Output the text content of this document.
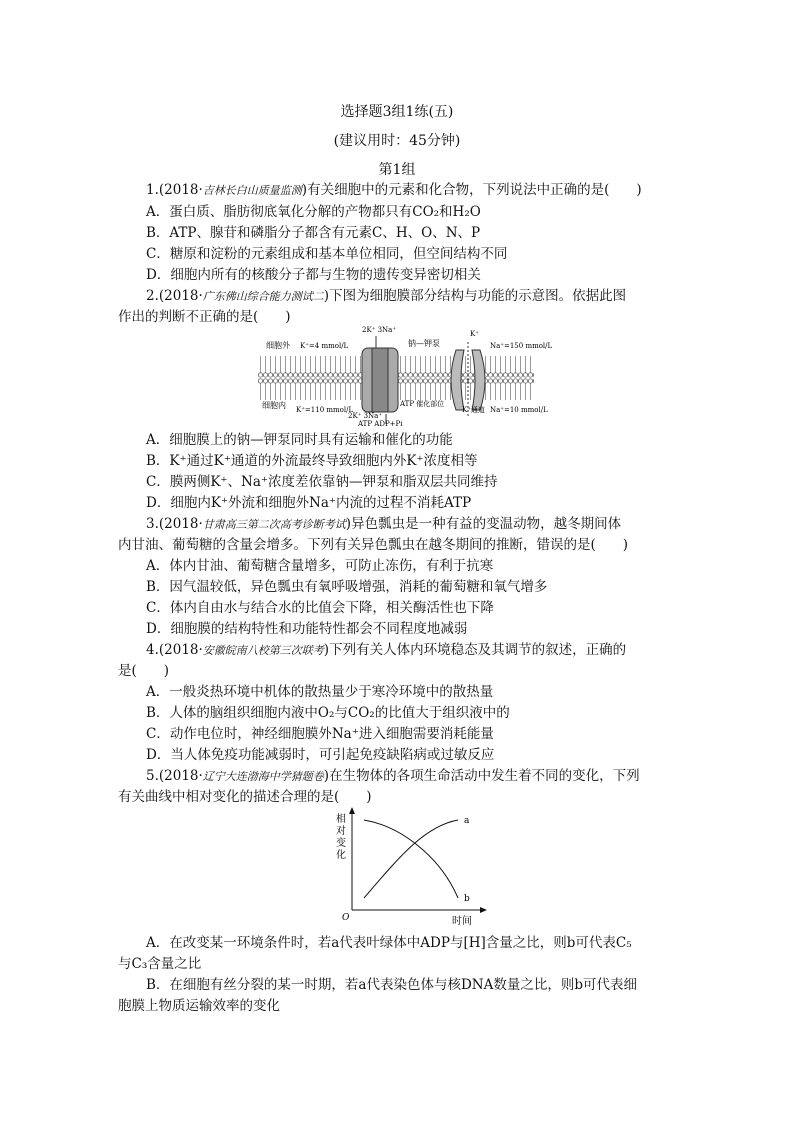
选择题3组1练(五)
(建议用时：45分钟)
第1组
1.(2018·吉林长白山质量监测)有关细胞中的元素和化合物，下列说法中正确的是(　　)
A．蛋白质、脂肪彻底氧化分解的产物都只有CO₂和H₂O
B．ATP、腺苷和磷脂分子都含有元素C、H、O、N、P
C．糖原和淀粉的元素组成和基本单位相同，但空间结构不同
D．细胞内所有的核酸分子都与生物的遗传变异密切相关
2.(2018·广东佛山综合能力测试二)下图为细胞膜部分结构与功能的示意图。依据此图
作出的判断不正确的是(　　)
细胞外 K⁺=4 mmol/L
2K⁺ 3Na⁺
钠—钾泵
K⁺
Na⁺=150 mmol/L
细胞内 K⁺=110 mmol/L
2K⁺ 3Na⁺
ATP 催化部位
ATP ADP+Pi
K⁺通道 Na⁺=10 mmol/L
A．细胞膜上的钠—钾泵同时具有运输和催化的功能
B．K⁺通过K⁺通道的外流最终导致细胞内外K⁺浓度相等
C．膜两侧K⁺、Na⁺浓度差依靠钠—钾泵和脂双层共同维持
D．细胞内K⁺外流和细胞外Na⁺内流的过程不消耗ATP
3.(2018·甘肃高三第二次高考诊断考试)异色瓢虫是一种有益的变温动物，越冬期间体
内甘油、葡萄糖的含量会增多。下列有关异色瓢虫在越冬期间的推断，错误的是(　　)
A．体内甘油、葡萄糖含量增多，可防止冻伤，有利于抗寒
B．因气温较低，异色瓢虫有氧呼吸增强，消耗的葡萄糖和氧气增多
C．体内自由水与结合水的比值会下降，相关酶活性也下降
D．细胞膜的结构特性和功能特性都会不同程度地减弱
4.(2018·安徽皖南八校第三次联考)下列有关人体内环境稳态及其调节的叙述，正确的
是(　　)
A．一般炎热环境中机体的散热量少于寒冷环境中的散热量
B．人体的脑组织细胞内液中O₂与CO₂的比值大于组织液中的
C．动作电位时，神经细胞膜外Na⁺进入细胞需要消耗能量
D．当人体免疫功能减弱时，可引起免疫缺陷病或过敏反应
5.(2018·辽宁大连渤海中学猜题卷)在生物体的各项生命活动中发生着不同的变化，下列
有关曲线中相对变化的描述合理的是(　　)
相
对
变
化
a
b
O	时间
A．在改变某一环境条件时，若a代表叶绿体中ADP与[H]含量之比，则b可代表C₅
与C₃含量之比
B．在细胞有丝分裂的某一时期，若a代表染色体与核DNA数量之比，则b可代表细
胞膜上物质运输效率的变化
